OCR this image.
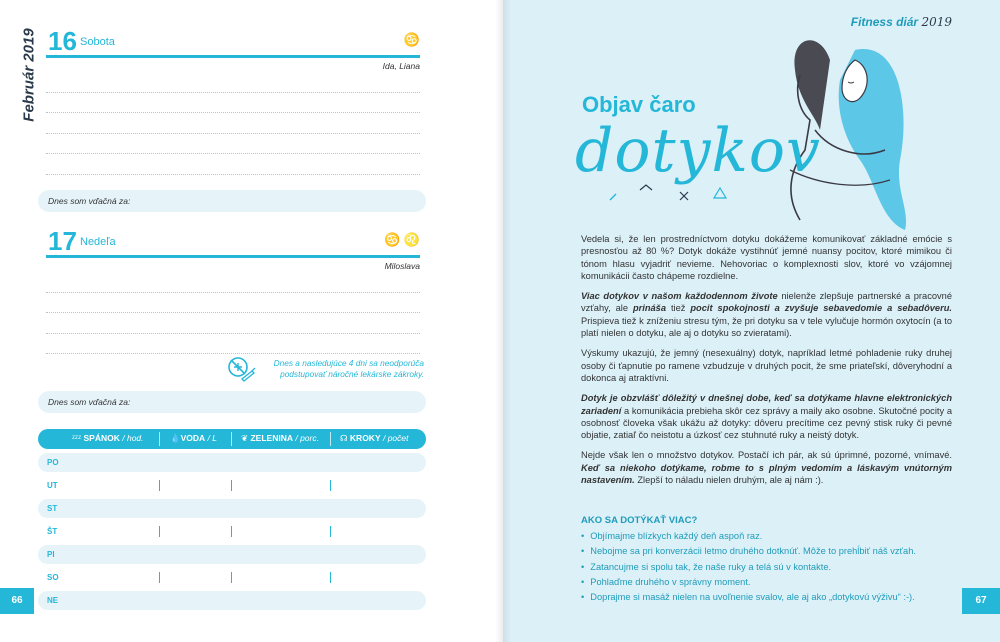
Február 2019 16 Sobota	♋
Ida, Liana
Dnes som vďačná za:
17 Nedeľa	♋ ♌
Miloslava
Dnes a nasledujúce 4 dni sa neodporúča podstupovať náročné lekárske zákroky.
Dnes som vďačná za:
ᶻᶻᶻ SPÁNOK / hod.	💧VODA / L	❦ ZELENINA / porc. ☊ KROKY / počet
PO
UT
ST
ŠT
PI
SO
NE
66
Fitness diár 2019
Objav čaro
dotykov

Vedela si, že len prostredníctvom dotyku dokážeme komunikovať základné emócie s presnosťou až 80 %? Dotyk dokáže vystihnúť jemné nuansy pocitov, ktoré mimikou či tónom hlasu vyjadriť nevieme. Nehovoriac o komplexnosti slov, ktoré vo vzájomnej komunikácii často chápeme rozdielne.

Viac dotykov v našom každodennom živote nielenže zlepšuje partnerské a pracovné vzťahy, ale prináša tiež pocit spokojnosti a zvyšuje sebavedomie a sebadôveru. Prispieva tiež k zníženiu stresu tým, že pri dotyku sa v tele vylučuje hormón oxytocín (a to platí nielen o dotyku, ale aj o dotyku so zvieratami).

Výskumy ukazujú, že jemný (nesexuálny) dotyk, napríklad letmé pohladenie ruky druhej osoby či ťapnutie po ramene vzbudzuje v druhých pocit, že sme priateľskí, dôveryhodní a dokonca aj atraktívni.

Dotyk je obzvlášť dôležitý v dnešnej dobe, keď sa dotýkame hlavne elektronických zariadení a komunikácia prebieha skôr cez správy a maily ako osobne. Skutočné pocity a osobnosť človeka však ukážu až dotyky: dôveru precítime cez pevný stisk ruky či pevné objatie, zatiaľ čo neistotu a úzkosť cez stuhnuté ruky a neistý dotyk.

Nejde však len o množstvo dotykov. Postačí ich pár, ak sú úprimné, pozorné, vnímavé. Keď sa niekoho dotýkame, robme to s plným vedomím a láskavým vnútorným nastavením. Zlepší to náladu nielen druhým, ale aj nám :).

AKO SA DOTÝKAŤ VIAC?
• Objímajme blízkych každý deň aspoň raz.
• Nebojme sa pri konverzácii letmo druhého dotknúť. Môže to prehĺbiť náš vzťah.
• Zatancujme si spolu tak, že naše ruky a telá sú v kontakte.
• Pohlaďme druhého v správny moment.
• Doprajme si masáž nielen na uvoľnenie svalov, ale aj ako „dotykovú výživu“ :-).	67
